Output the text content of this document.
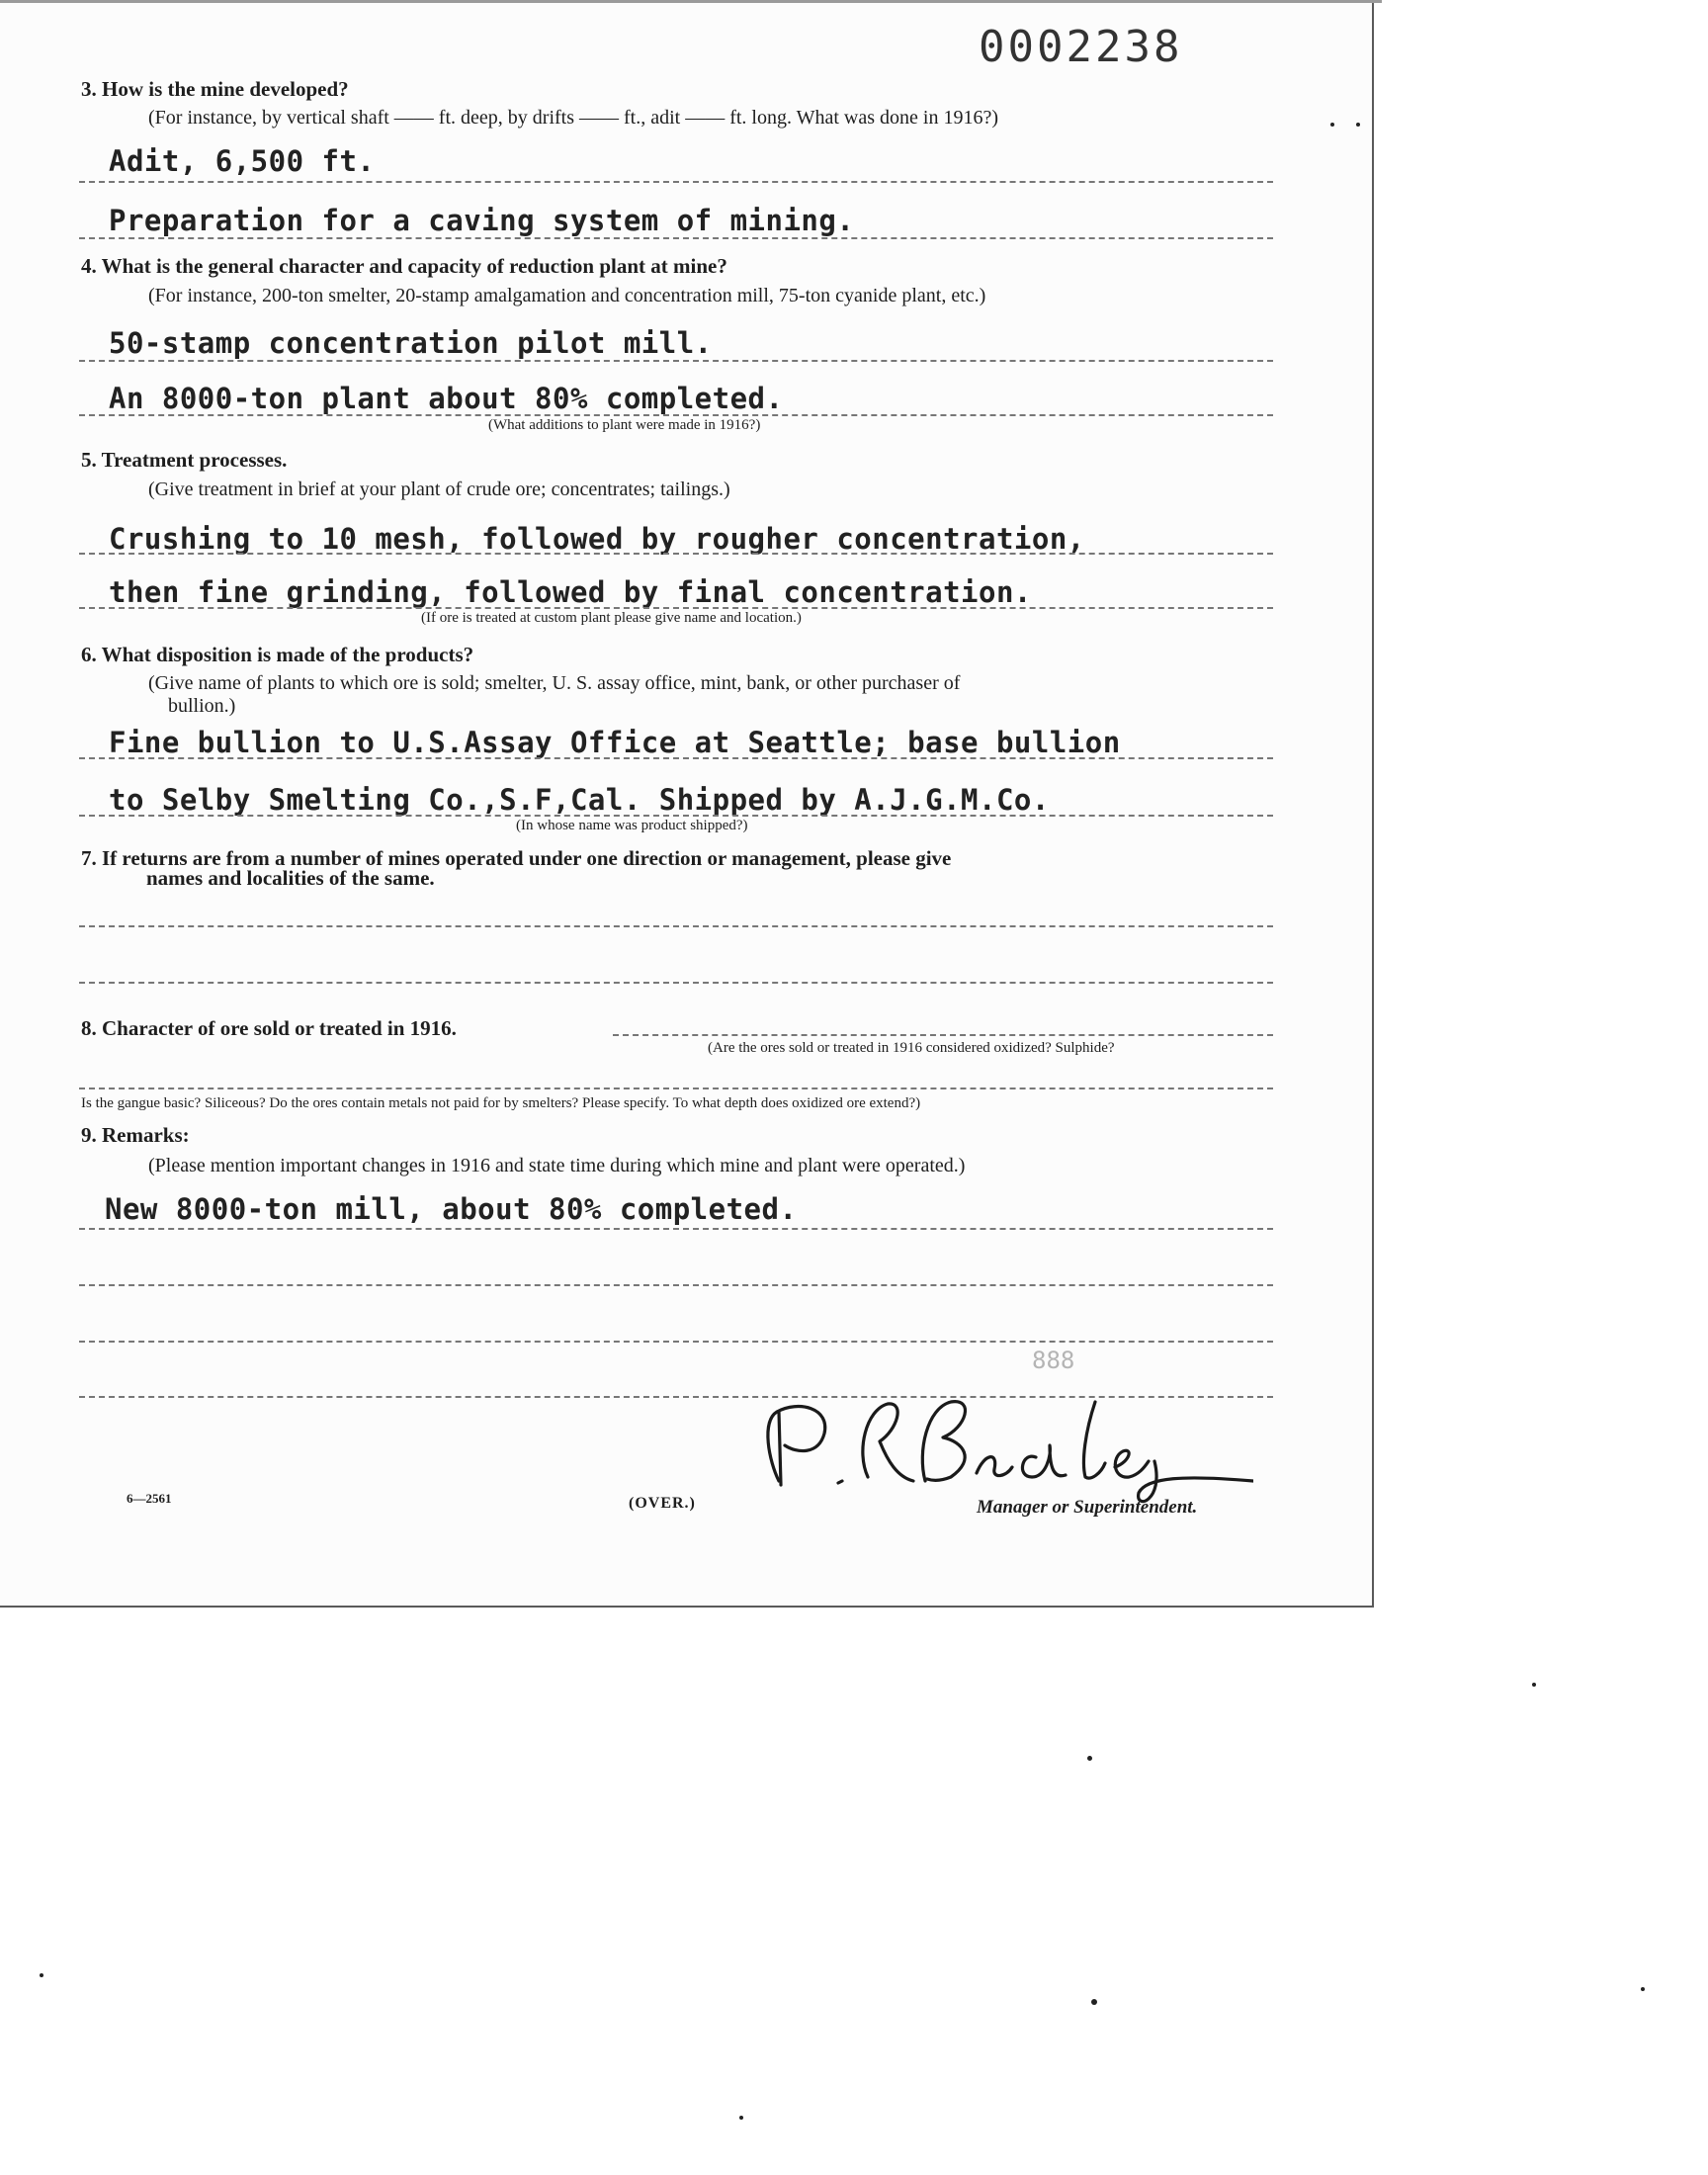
0002238
3. How is the mine developed?
(For instance, by vertical shaft —— ft. deep, by drifts —— ft., adit —— ft. long. What was done in 1916?)
Adit, 6,500 ft.
Preparation for a caving system of mining.
4. What is the general character and capacity of reduction plant at mine?
(For instance, 200-ton smelter, 20-stamp amalgamation and concentration mill, 75-ton cyanide plant, etc.)
50-stamp concentration pilot mill.
An 8000-ton plant about 80% completed.
(What additions to plant were made in 1916?)
5. Treatment processes.
(Give treatment in brief at your plant of crude ore; concentrates; tailings.)
Crushing to 10 mesh, followed by rougher concentration,
then fine grinding, followed by final concentration.
(If ore is treated at custom plant please give name and location.)
6. What disposition is made of the products?
(Give name of plants to which ore is sold; smelter, U. S. assay office, mint, bank, or other purchaser of
bullion.)
Fine bullion to U.S.Assay Office at Seattle; base bullion
to Selby Smelting Co.,S.F,Cal. Shipped by A.J.G.M.Co.
(In whose name was product shipped?)
7. If returns are from a number of mines operated under one direction or management, please give
names and localities of the same.
8. Character of ore sold or treated in 1916.
(Are the ores sold or treated in 1916 considered oxidized? Sulphide?
Is the gangue basic? Siliceous? Do the ores contain metals not paid for by smelters? Please specify. To what depth does oxidized ore extend?)
9. Remarks:
(Please mention important changes in 1916 and state time during which mine and plant were operated.)
New 8000-ton mill, about 80% completed.
888
6—2561	(OVER.)	Manager or Superintendent.
